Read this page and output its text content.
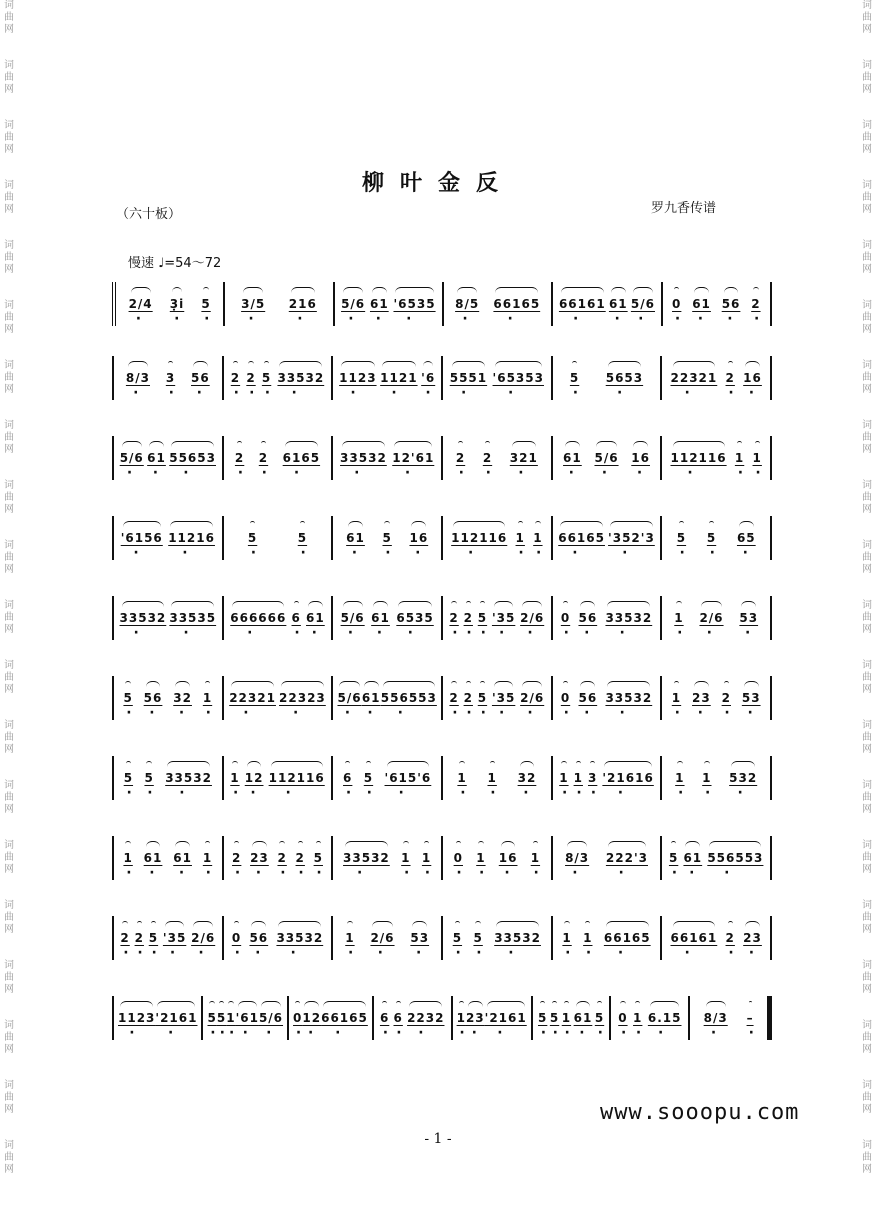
词
曲
网
词
曲
网
词
曲
网
词
曲
网
词
曲
网
词
曲
网
词
曲
网
词
曲
网
词
曲
网
词
曲
网
词
曲
网
词
曲
网
词
曲
网
词
曲
网
词
曲
网
词
曲
网
词
曲
网
词
曲
网
词
曲
网
词
曲
网
词
曲
网
词
曲
网
词
曲
网
词
曲
网
词
曲
网
词
曲
网
词
曲
网
词
曲
网
词
曲
网
词
曲
网
词
曲
网
词
曲
网
词
曲
网
词
曲
网
词
曲
网
词
曲
网
词
曲
网
词
曲
网
词
曲
网
词
曲
网
柳叶金反
（六十板）	罗九香传谱
慢速 ♩=54～72
· 2/4 · 3̣i · 5	· 3/5 · 216 · 5/6 · 61 · '6535 · 8/5 · 66165 · 66161 · 61 · 5/6 · 0 · 61 · 56 · 2
· 8/3 · 3 · 56 · 2 · 2 · 5 · 33532 · 1123 · 1121 · '6 · 5551 · '65353 · 5 · 5653 · 22321 · 2 · 16
· 5/6 · 61 · 55653 · 2 · 2 · 6165 · 33532 · 12'61 · 2 · 2 · 321 · 61 · 5/6 · 16 · 112116 · 1 · 1
· '6156 · 11216	· 5	· 5	· 61 · 5 · 16 · 112116 · 1 · 1 · 66165 · '352'3 · 5 · 5 · 65
· 33532 · 33535 · 666666 · 6 · 61 · 5/6 · 61 · 6535 · 2 · 2 · 5 · '35 · 2/6 · 0 · 56 · 33532 · 1 · 2/6 · 53
· 5 · 56 · 32 · 1 · 22321 · 22323 · 5/6 · 61 · 556553 · 2 · 2 · 5 · '35 · 2/6 · 0 · 56 · 33532 · 1 · 23 · 2 · 53
· 5 · 5 · 33532 · 1 · 12 · 112116 · 6 · 5 · '615'6 · 1 · 1 · 32 · 1 · 1 · 3 · '21616 · 1 · 1 · 532
· 1 · 61 · 61 · 1 · 2 · 23 · 2 · 2 · 5 · 33532 · 1 · 1 · 0 · 1 · 16 · 1 · 8/3 · 222'3 · 5 · 61 · 556553
· 2 · 2 · 5 · '35 · 2/6 · 0 · 56 · 33532 · 1 · 2/6 · 53 · 5 · 5 · 33532 · 1 · 1 · 66165 · 66161 · 2 · 23
· 1123 · '2161 · 5 · 5 · 1 · '61 · 5/6 · 0 · 12 · 66165 · 6 · 6 · 2232 · 1 · 23 · '2161 · 5 · 5 · 1 · 61 · 5 · 0 · 1 · 6.15 · 8/3 · –
www.sooopu.com
- 1 -
